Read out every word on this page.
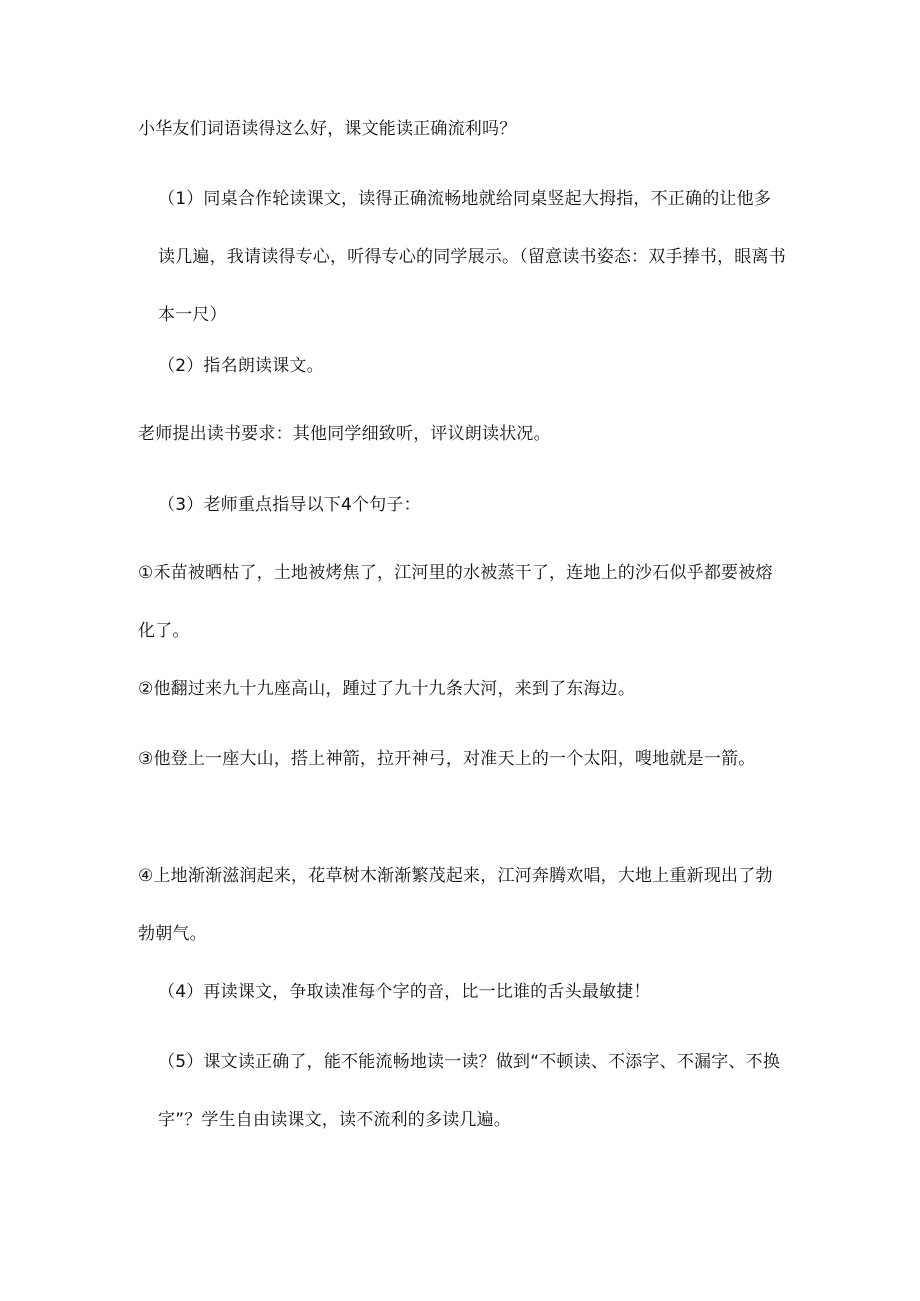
小华友们词语读得这么好，课文能读正确流利吗？

（1）同桌合作轮读课文，读得正确流畅地就给同桌竖起大拇指，不正确的让他多读几遍，我请读得专心，听得专心的同学展示。（留意读书姿态：双手捧书，眼离书本一尺）

（2）指名朗读课文。

老师提出读书要求：其他同学细致听，评议朗读状况。

（3）老师重点指导以下4个句子：

①禾苗被晒枯了，土地被烤焦了，江河里的水被蒸干了，连地上的沙石似乎都要被熔化了。

②他翻过来九十九座高山，踵过了九十九条大河，来到了东海边。

③他登上一座大山，搭上神箭，拉开神弓，对准天上的一个太阳，嗖地就是一箭。

④上地渐渐滋润起来，花草树木渐渐繁茂起来，江河奔腾欢唱，大地上重新现出了勃勃朝气。

（4）再读课文，争取读准每个字的音，比一比谁的舌头最敏捷！

（5）课文读正确了，能不能流畅地读一读？做到“不顿读、不添字、不漏字、不换字”？学生自由读课文，读不流利的多读几遍。
